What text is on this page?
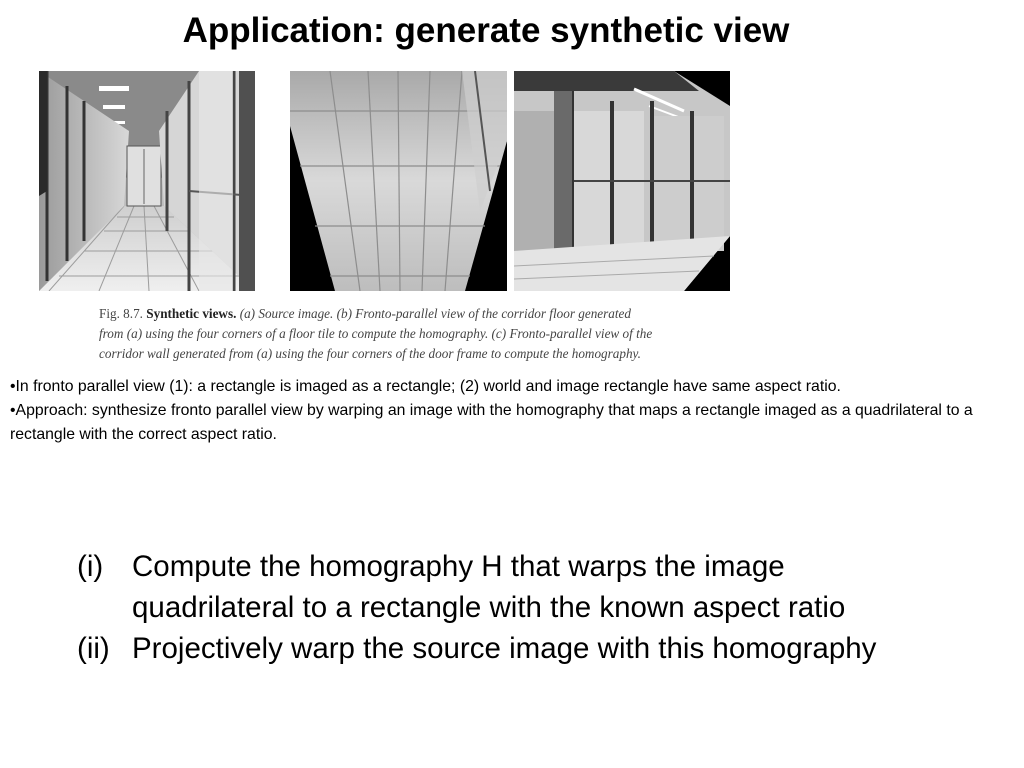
Application: generate synthetic view
Fig. 8.7. Synthetic views. (a) Source image. (b) Fronto-parallel view of the corridor floor generated
from (a) using the four corners of a floor tile to compute the homography. (c) Fronto-parallel view of the
corridor wall generated from (a) using the four corners of the door frame to compute the homography.
•In fronto parallel view (1): a rectangle is imaged as a rectangle; (2) world and image rectangle have same aspect ratio.
•Approach: synthesize fronto parallel view by warping an image with the homography that maps a rectangle imaged as a quadrilateral to a rectangle with the correct aspect ratio.
(i) Compute the homography H that warps the image
quadrilateral to a rectangle with the known aspect ratio
(ii) Projectively warp the source image with this homography
